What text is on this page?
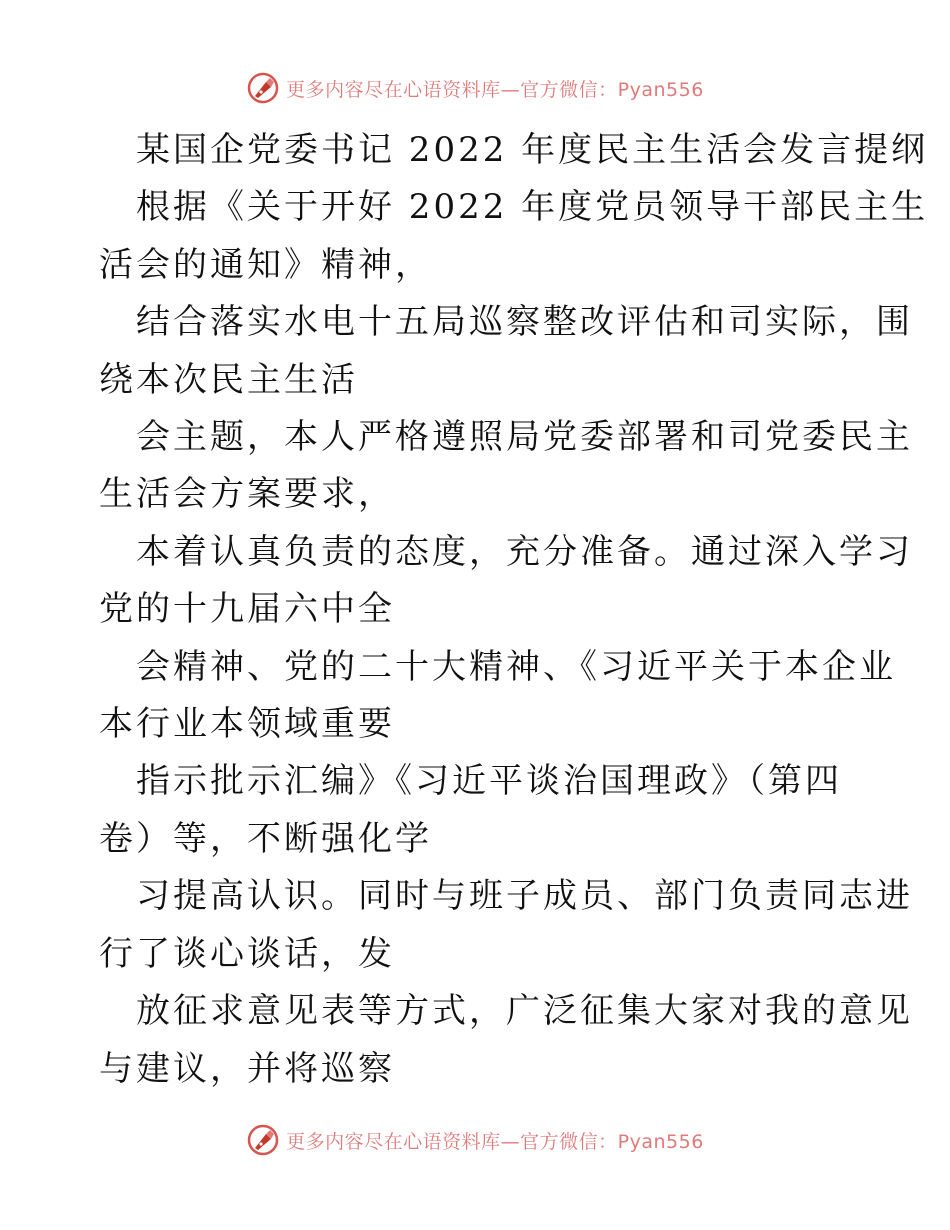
更多内容尽在心语资料库—官方微信：Pyan556

某国企党委书记 2022 年度民主生活会发言提纲

根据《关于开好 2022 年度党员领导干部民主生
活会的通知》精神，

结合落实水电十五局巡察整改评估和司实际，围
绕本次民主生活

会主题，本人严格遵照局党委部署和司党委民主
生活会方案要求，

本着认真负责的态度，充分准备。通过深入学习
党的十九届六中全

会精神、党的二十大精神、《习近平关于本企业
本行业本领域重要

指示批示汇编》《习近平谈治国理政》（第四
卷）等，不断强化学

习提高认识。同时与班子成员、部门负责同志进
行了谈心谈话，发

放征求意见表等方式，广泛征集大家对我的意见
与建议，并将巡察

更多内容尽在心语资料库—官方微信：Pyan556
